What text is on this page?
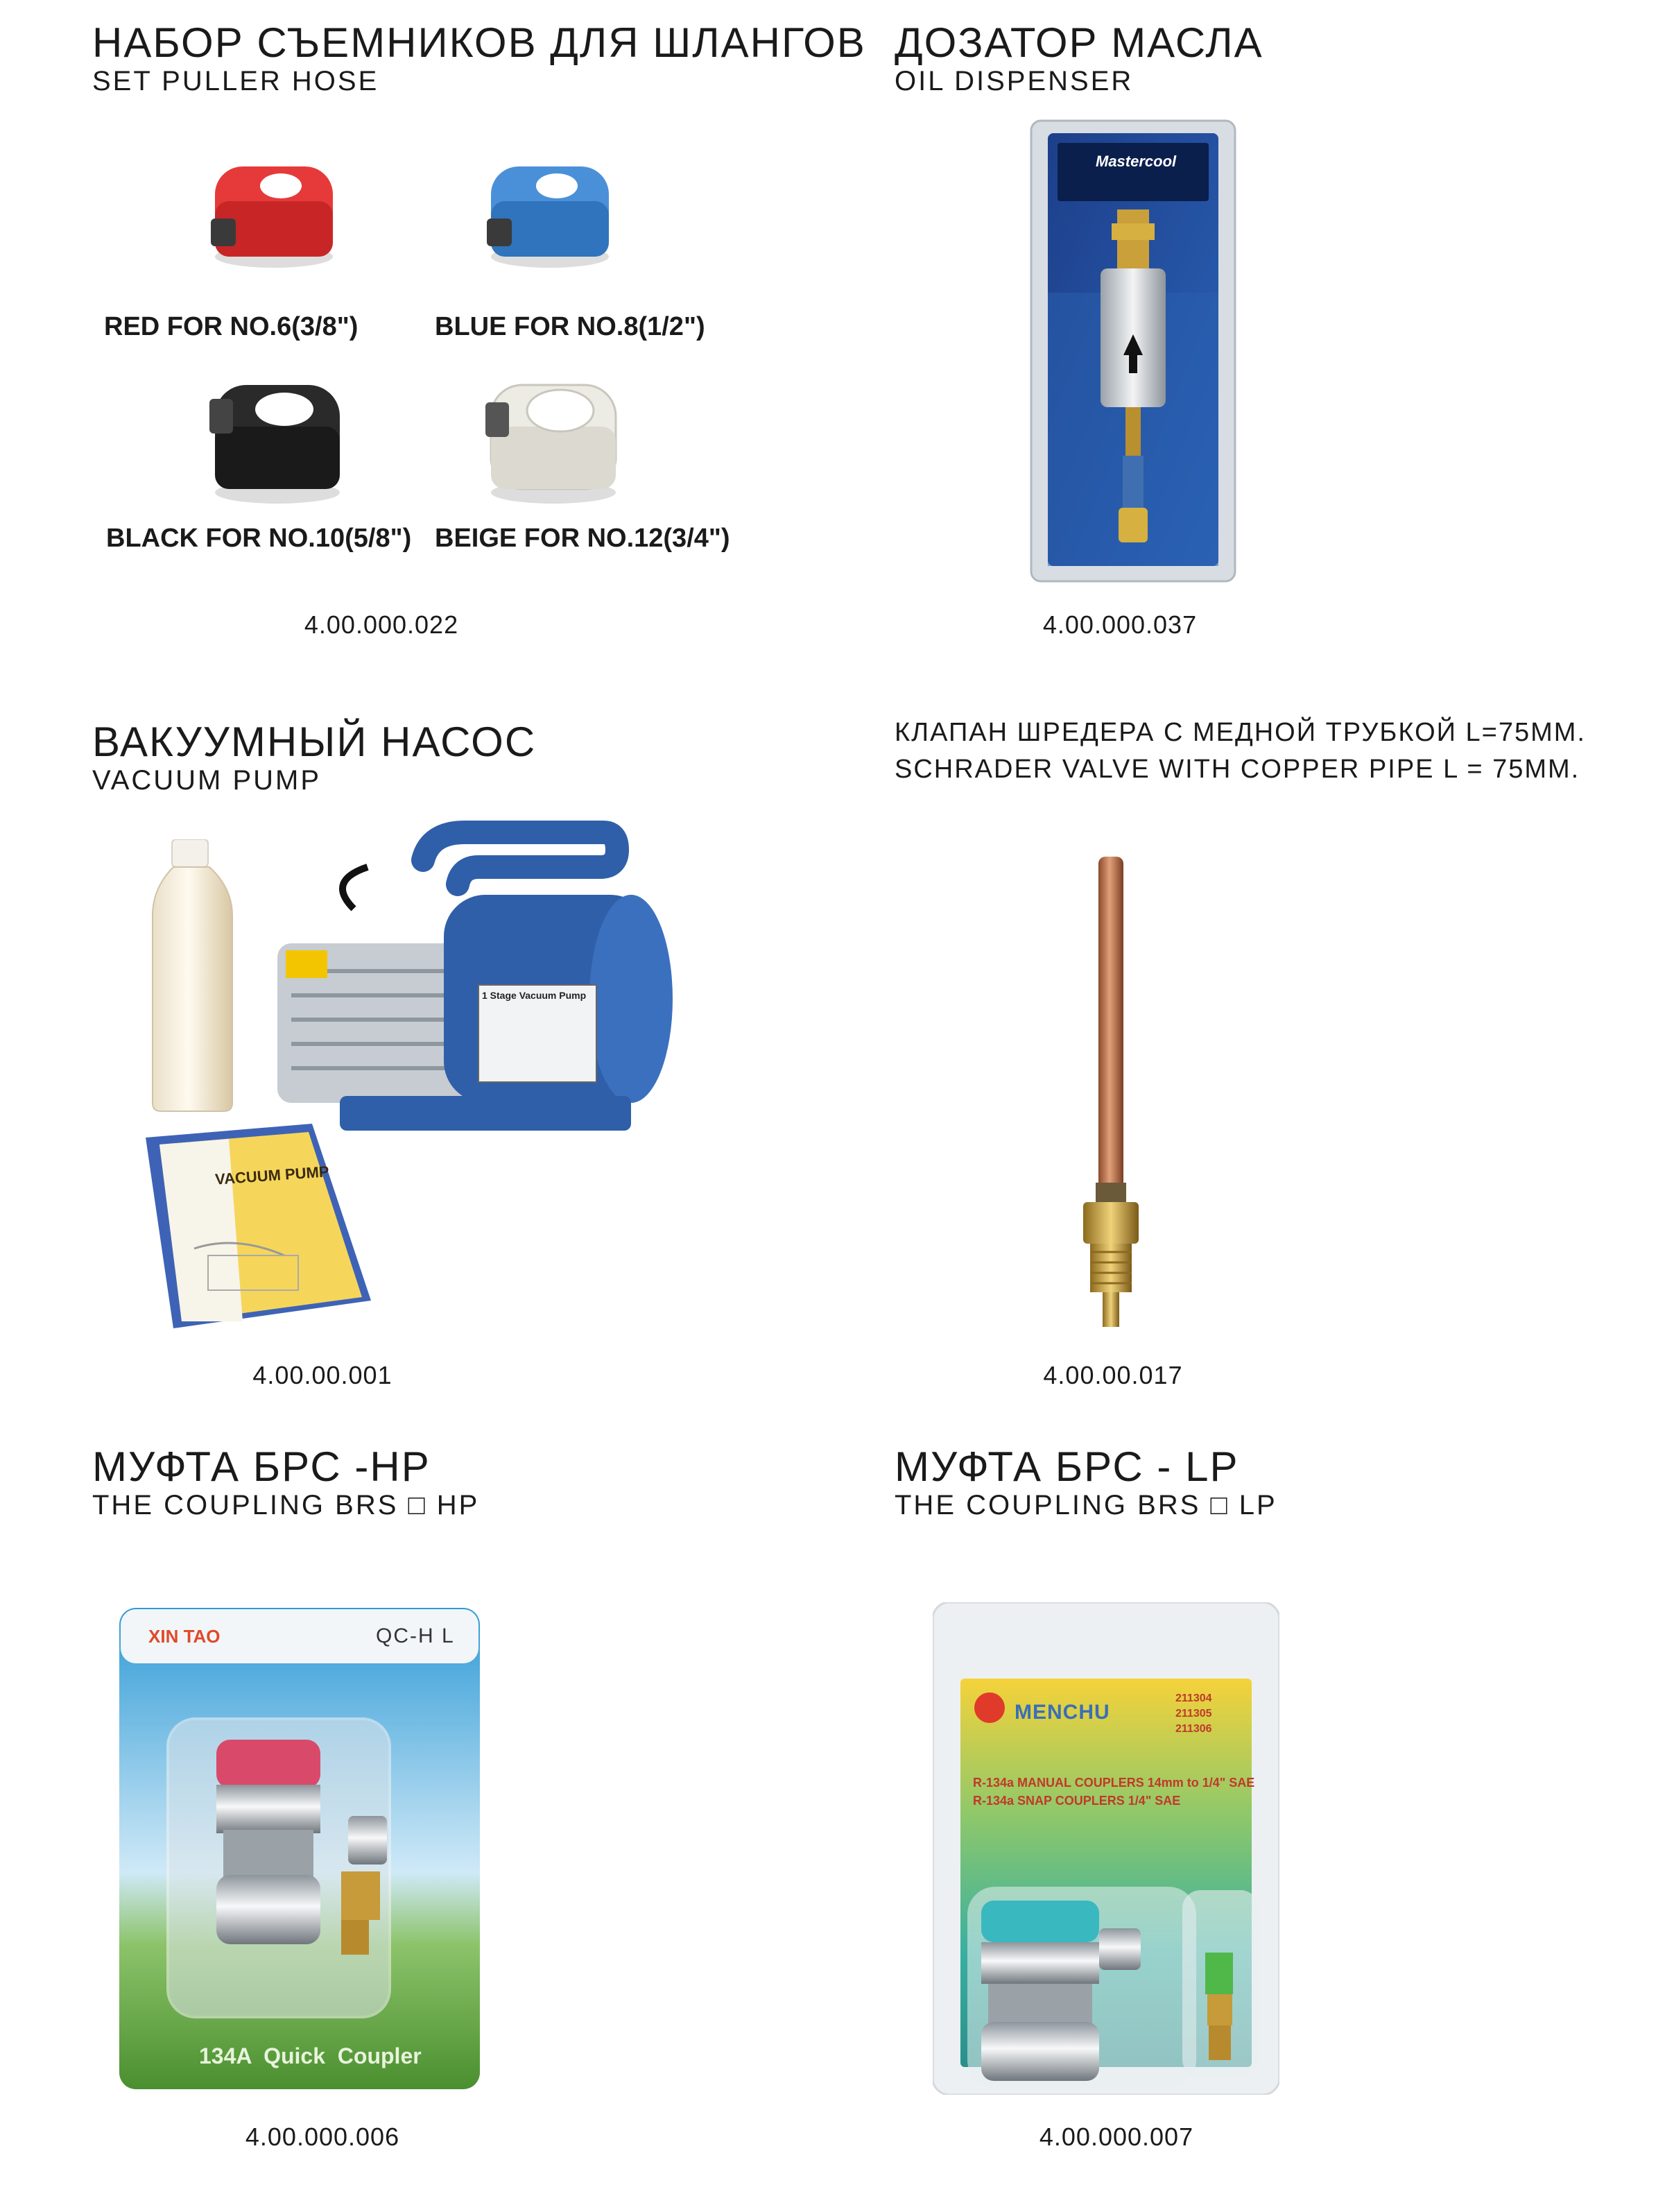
НАБОР СЪЕМНИКОВ ДЛЯ ШЛАНГОВ
SET PULLER HOSE
RED FOR NO.6(3/8")	BLUE FOR NO.8(1/2")
BLACK FOR NO.10(5/8") BEIGE FOR NO.12(3/4")
4.00.000.022
ДОЗАТОР МАСЛА
OIL DISPENSER
Mastercool
4.00.000.037
ВАКУУМНЫЙ НАСОС
VACUUM PUMP
1 Stage Vacuum Pump
VACUUM PUMP
4.00.00.001
КЛАПАН ШРЕДЕРА С МЕДНОЙ ТРУБКОЙ L=75MM.
SCHRADER VALVE WITH COPPER PIPE L = 75MM.
4.00.00.017
МУФТА БРС -HP
THE COUPLING BRS □ HP
XIN TAO	QC-H L
134A  Quick  Coupler
4.00.000.006
МУФТА БРС - LP
THE COUPLING BRS □ LP
MENCHU
211304
211305
211306
R-134a MANUAL COUPLERS 14mm to 1/4" SAE
R-134a SNAP COUPLERS 1/4" SAE
4.00.000.007
